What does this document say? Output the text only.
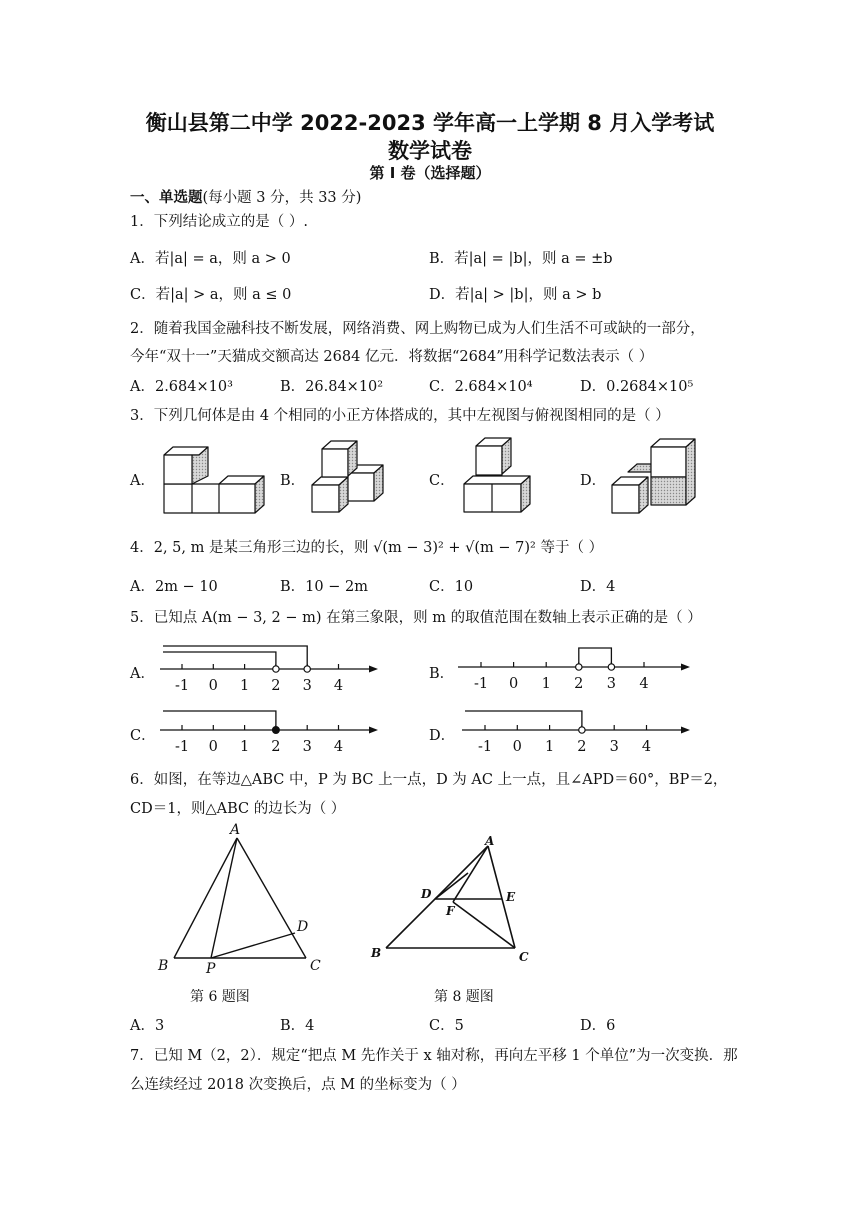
衡山县第二中学 2022-2023 学年高一上学期 8 月入学考试
数学试卷
第 I 卷（选择题）
一、单选题(每小题 3 分，共 33 分)
1．下列结论成立的是（ ）.
A．若|a| = a，则 a > 0	B．若|a| = |b|，则 a = ±b
C．若|a| > a，则 a ≤ 0	D．若|a| > |b|，则 a > b
2．随着我国金融科技不断发展，网络消费、网上购物已成为人们生活不可或缺的一部分，
今年“双十一”天猫成交额高达 2684 亿元．将数据“2684”用科学记数法表示（ ）
A．2.684×10³	B．26.84×10²	C．2.684×10⁴	D．0.2684×10⁵
3．下列几何体是由 4 个相同的小正方体搭成的，其中左视图与俯视图相同的是（ ）
A．	B．	C．	D．
4．2, 5, m 是某三角形三边的长，则 √(m − 3)² + √(m − 7)² 等于（ ）
A．2m − 10	B．10 − 2m	C．10	D．4
5．已知点 A(m − 3, 2 − m) 在第三象限，则 m 的取值范围在数轴上表示正确的是（ ）
A．	B．
C．	D．
-1 0 1 2 3 4	-1 0 1 2 3 4
-1 0 1 2 3 4	-1 0 1 2 3 4
6．如图，在等边△ABC 中，P 为 BC 上一点，D 为 AC 上一点，且∠APD＝60°，BP＝2，
CD＝1，则△ABC 的边长为（ ）
A
B	C
D
P
A
B	C
D	E
F
第 6 题图	第 8 题图
A．3	B．4	C．5	D．6
7．已知 M（2，2）．规定“把点 M 先作关于 x 轴对称，再向左平移 1 个单位”为一次变换．那
么连续经过 2018 次变换后，点 M 的坐标变为（ ）
